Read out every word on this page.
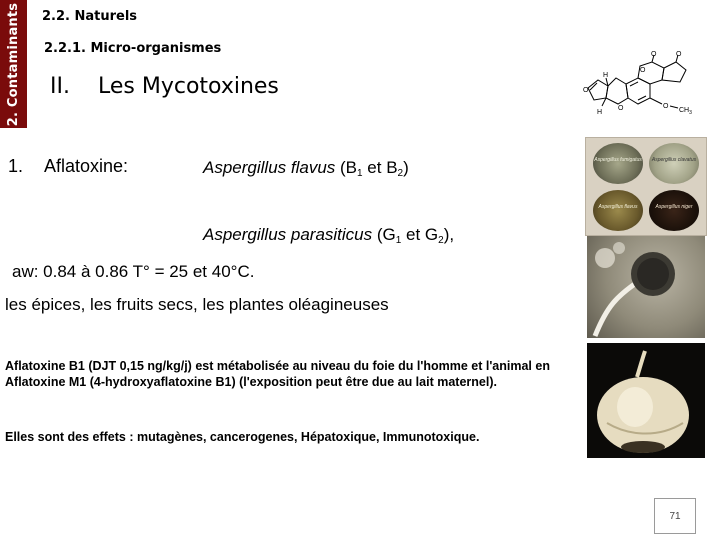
2. Contaminants 2.2. Naturels
2.2.1. Micro-organismes
II. Les Mycotoxines
1. Aflatoxine:	Aspergillus flavus (B1 et B2)
Aspergillus parasiticus (G1 et G2),
aw: 0.84 à 0.86 T° = 25 et 40°C.
les épices, les fruits secs, les plantes oléagineuses
Aflatoxine B1 (DJT 0,15 ng/kg/j) est métabolisée au niveau du foie du l'homme et l'animal en Aflatoxine M1 (4-hydroxyaflatoxine B1) (l'exposition peut être due au lait maternel).
Elles sont des effets : mutagènes, cancerogenes, Hépatoxique, Immunotoxique.
O	O
O
O
O	O
H
H	$CH_3$
Aspergillus fumigatus	Aspergillus clavatus
Aspergillus flavus	Aspergillus niger
71
